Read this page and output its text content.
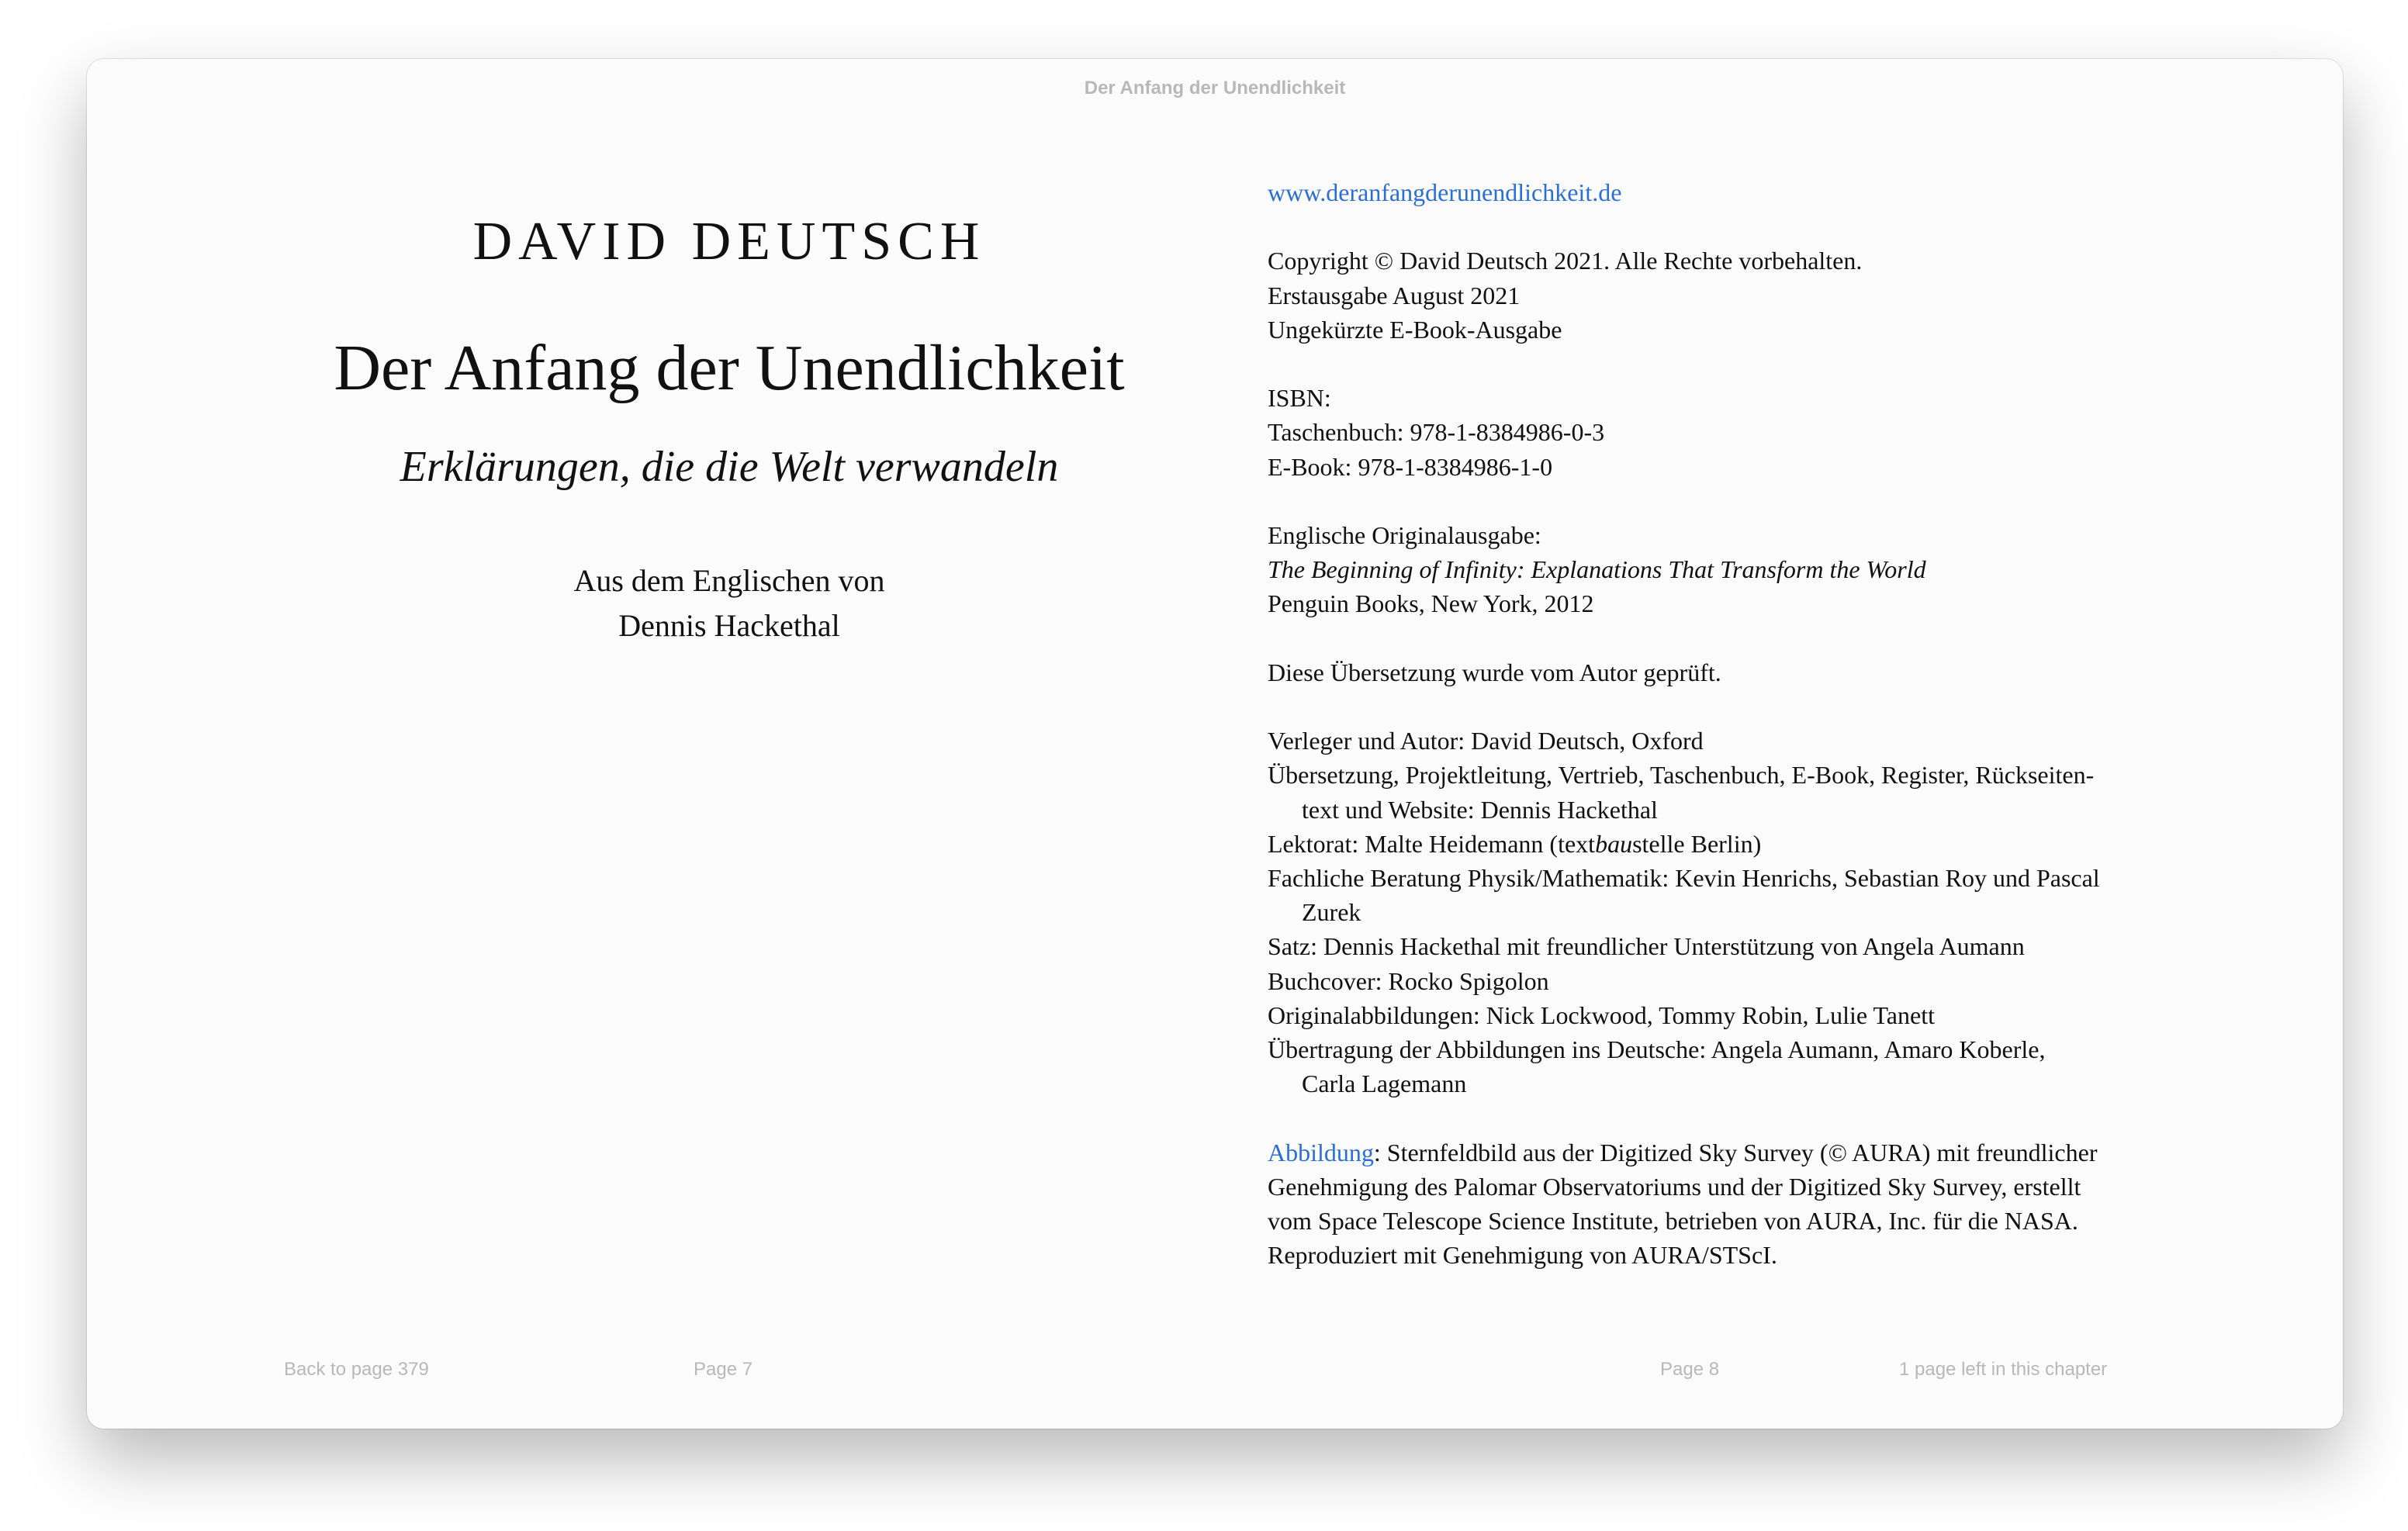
Der Anfang der Unendlichkeit
DAVID DEUTSCH
Der Anfang der Unendlichkeit
Erklärungen, die die Welt verwandeln
Aus dem Englischen von
Dennis Hackethal
www.deranfangderunendlichkeit.de
Copyright © David Deutsch 2021. Alle Rechte vorbehalten.
Erstausgabe August 2021
Ungekürzte E-Book-Ausgabe
ISBN:
Taschenbuch: 978-1-8384986-0-3
E-Book: 978-1-8384986-1-0
Englische Originalausgabe:
The Beginning of Infinity: Explanations That Transform the World
Penguin Books, New York, 2012
Diese Übersetzung wurde vom Autor geprüft.
Verleger und Autor: David Deutsch, Oxford
Übersetzung, Projektleitung, Vertrieb, Taschenbuch, E-Book, Register, Rückseiten-
text und Website: Dennis Hackethal
Lektorat: Malte Heidemann (textbaustelle Berlin)
Fachliche Beratung Physik/Mathematik: Kevin Henrichs, Sebastian Roy und Pascal
Zurek
Satz: Dennis Hackethal mit freundlicher Unterstützung von Angela Aumann
Buchcover: Rocko Spigolon
Originalabbildungen: Nick Lockwood, Tommy Robin, Lulie Tanett
Übertragung der Abbildungen ins Deutsche: Angela Aumann, Amaro Koberle,
Carla Lagemann
Abbildung: Sternfeldbild aus der Digitized Sky Survey (© AURA) mit freundlicher
Genehmigung des Palomar Observatoriums und der Digitized Sky Survey, erstellt
vom Space Telescope Science Institute, betrieben von AURA, Inc. für die NASA.
Reproduziert mit Genehmigung von AURA/STScI.
Back to page 379	Page 7	Page 8	1 page left in this chapter
